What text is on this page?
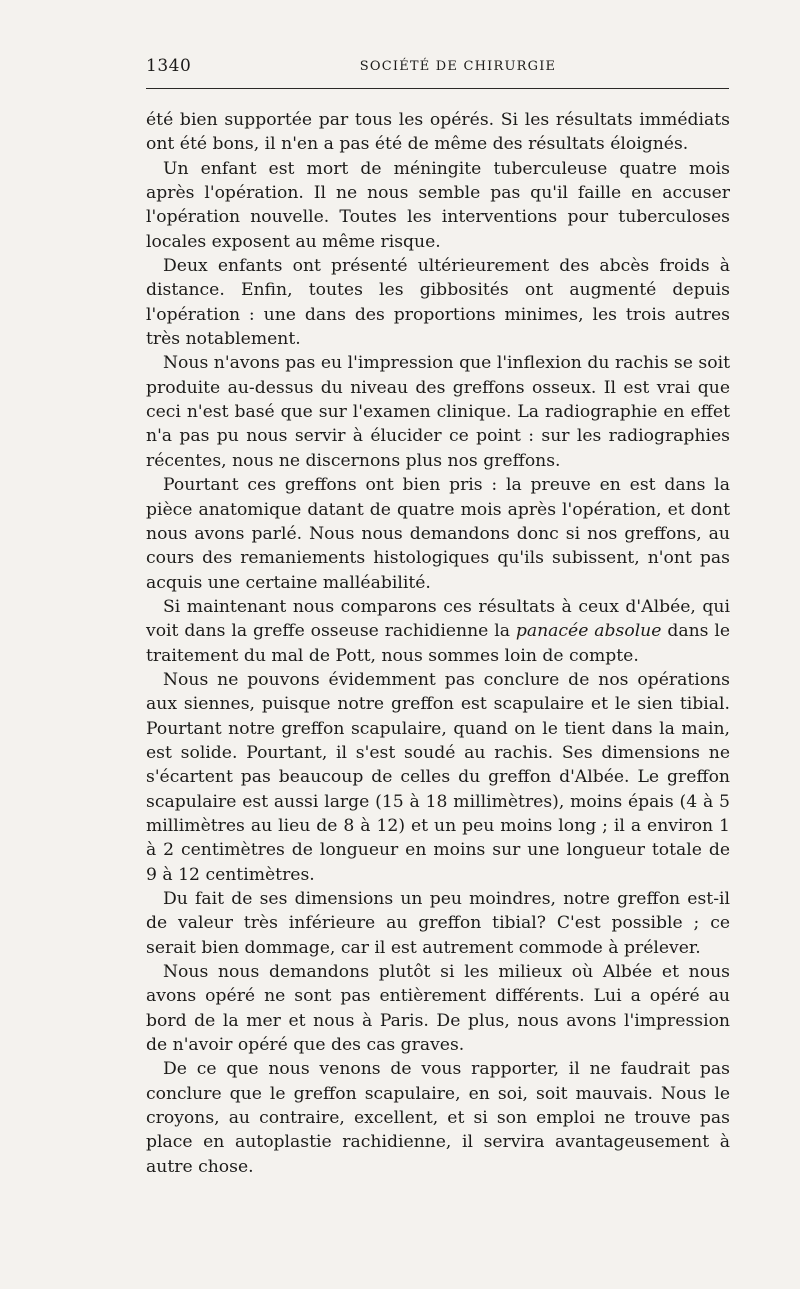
1340	SOCIÉTÉ DE CHIRURGIE

été bien supportée par tous les opérés. Si les résultats immédiats ont été bons, il n'en a pas été de même des résultats éloignés.

Un enfant est mort de méningite tuberculeuse quatre mois après l'opération. Il ne nous semble pas qu'il faille en accuser l'opération nouvelle. Toutes les interventions pour tuberculoses locales exposent au même risque.

Deux enfants ont présenté ultérieurement des abcès froids à distance. Enfin, toutes les gibbosités ont augmenté depuis l'opération : une dans des proportions minimes, les trois autres très notablement.

Nous n'avons pas eu l'impression que l'inflexion du rachis se soit produite au-dessus du niveau des greffons osseux. Il est vrai que ceci n'est basé que sur l'examen clinique. La radiographie en effet n'a pas pu nous servir à élucider ce point : sur les radiographies récentes, nous ne discernons plus nos greffons.

Pourtant ces greffons ont bien pris : la preuve en est dans la pièce anatomique datant de quatre mois après l'opération, et dont nous avons parlé. Nous nous demandons donc si nos greffons, au cours des remaniements histologiques qu'ils subissent, n'ont pas acquis une certaine malléabilité.

Si maintenant nous comparons ces résultats à ceux d'Albée, qui voit dans la greffe osseuse rachidienne la panacée absolue dans le traitement du mal de Pott, nous sommes loin de compte.

Nous ne pouvons évidemment pas conclure de nos opérations aux siennes, puisque notre greffon est scapulaire et le sien tibial. Pourtant notre greffon scapulaire, quand on le tient dans la main, est solide. Pourtant, il s'est soudé au rachis. Ses dimensions ne s'écartent pas beaucoup de celles du greffon d'Albée. Le greffon scapulaire est aussi large (15 à 18 millimètres), moins épais (4 à 5 millimètres au lieu de 8 à 12) et un peu moins long ; il a environ 1 à 2 centimètres de longueur en moins sur une longueur totale de 9 à 12 centimètres.

Du fait de ses dimensions un peu moindres, notre greffon est-il de valeur très inférieure au greffon tibial? C'est possible ; ce serait bien dommage, car il est autrement commode à prélever.

Nous nous demandons plutôt si les milieux où Albée et nous avons opéré ne sont pas entièrement différents. Lui a opéré au bord de la mer et nous à Paris. De plus, nous avons l'impression de n'avoir opéré que des cas graves.

De ce que nous venons de vous rapporter, il ne faudrait pas conclure que le greffon scapulaire, en soi, soit mauvais. Nous le croyons, au contraire, excellent, et si son emploi ne trouve pas place en autoplastie rachidienne, il servira avantageusement à autre chose.
